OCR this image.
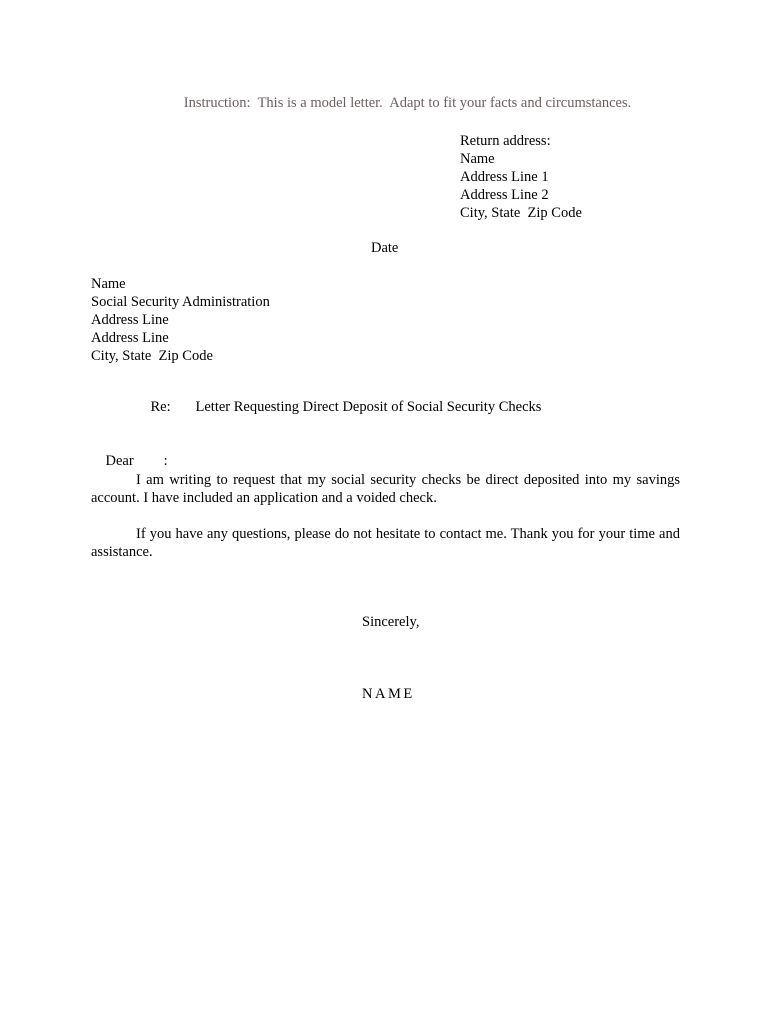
Instruction:  This is a model letter.  Adapt to fit your facts and circumstances.
Return address:
Name
Address Line 1
Address Line 2
City, State  Zip Code
Date
Name
Social Security Administration
Address Line
Address Line
City, State  Zip Code

Re: Letter Requesting Direct Deposit of Social Security Checks

Dear :

I am writing to request that my social security checks be direct deposited into my savings account. I have included an application and a voided check.
If you have any questions, please do not hesitate to contact me. Thank you for your time and assistance.
Sincerely,
NAME
